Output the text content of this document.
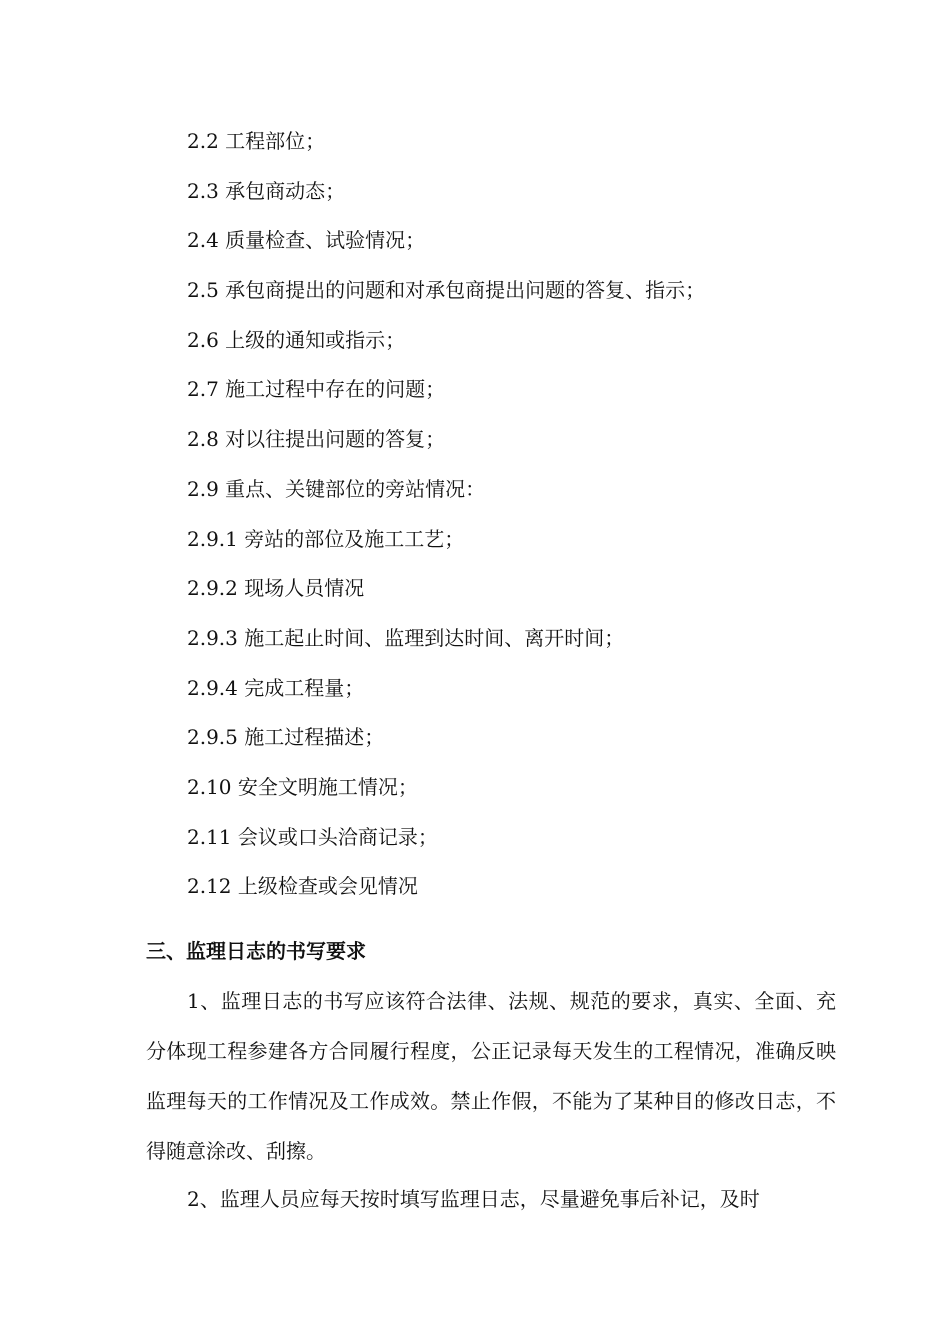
2.2 工程部位；
2.3 承包商动态；
2.4 质量检查、试验情况；
2.5 承包商提出的问题和对承包商提出问题的答复、指示；
2.6 上级的通知或指示；
2.7 施工过程中存在的问题；
2.8 对以往提出问题的答复；
2.9 重点、关键部位的旁站情况：
2.9.1 旁站的部位及施工工艺；
2.9.2 现场人员情况
2.9.3 施工起止时间、监理到达时间、离开时间；
2.9.4 完成工程量；
2.9.5 施工过程描述；
2.10 安全文明施工情况；
2.11 会议或口头洽商记录；
2.12 上级检查或会见情况
三、监理日志的书写要求

1、监理日志的书写应该符合法律、法规、规范的要求，真实、全面、充分体现工程参建各方合同履行程度，公正记录每天发生的工程情况，准确反映监理每天的工作情况及工作成效。禁止作假，不能为了某种目的修改日志，不得随意涂改、刮擦。

2、监理人员应每天按时填写监理日志，尽量避免事后补记，及时
